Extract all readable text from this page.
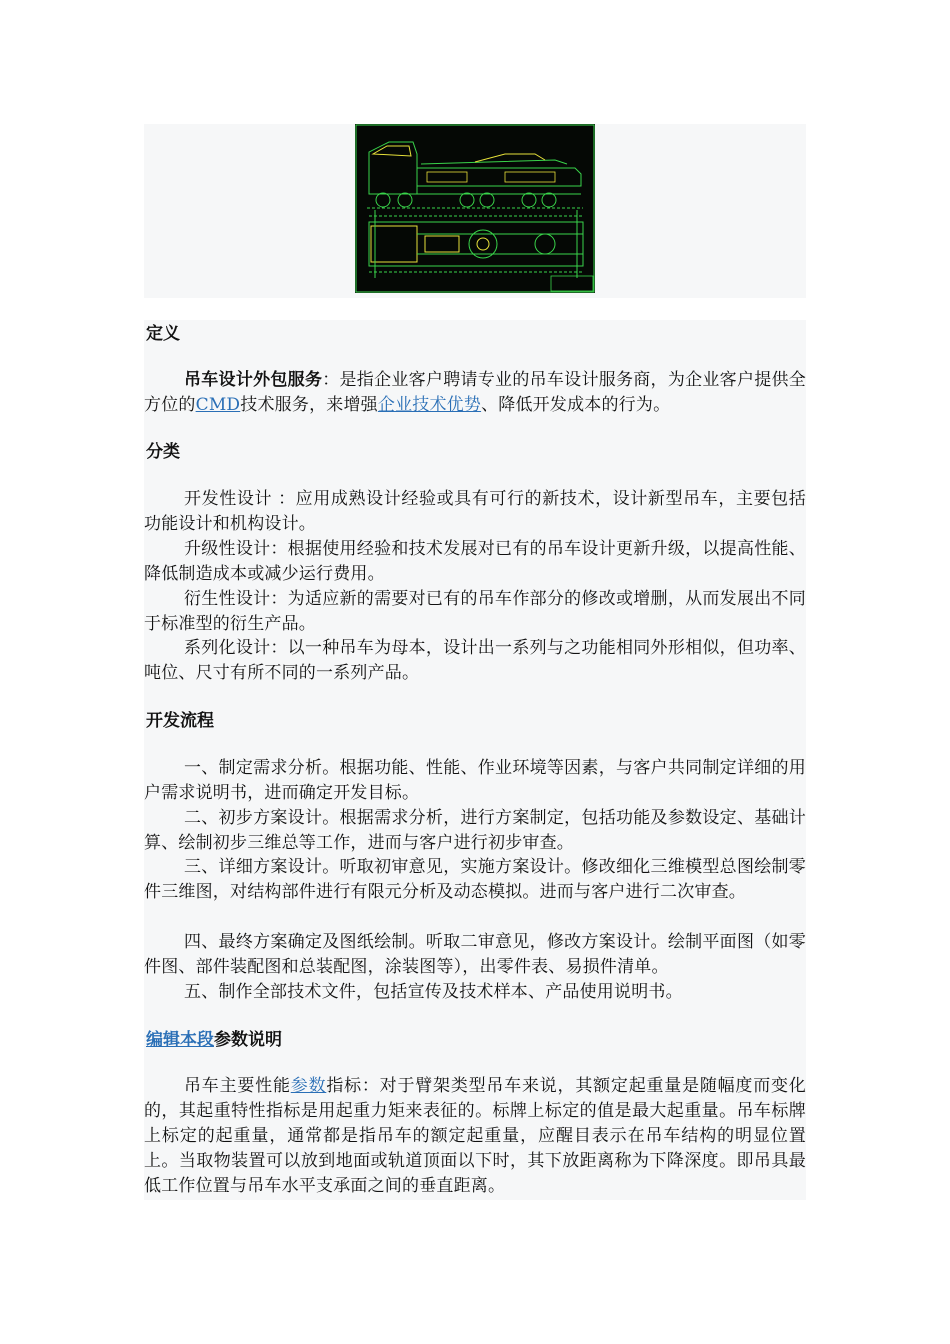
定义

吊车设计外包服务：是指企业客户聘请专业的吊车设计服务商，为企业客户提供全方位的CMD技术服务，来增强企业技术优势、降低开发成本的行为。

分类

开发性设计 ：应用成熟设计经验或具有可行的新技术，设计新型吊车，主要包括功能设计和机构设计。

升级性设计：根据使用经验和技术发展对已有的吊车设计更新升级，以提高性能、降低制造成本或减少运行费用。

衍生性设计：为适应新的需要对已有的吊车作部分的修改或增删，从而发展出不同于标准型的衍生产品。

系列化设计：以一种吊车为母本，设计出一系列与之功能相同外形相似，但功率、吨位、尺寸有所不同的一系列产品。

开发流程

一、制定需求分析。根据功能、性能、作业环境等因素，与客户共同制定详细的用户需求说明书，进而确定开发目标。

二、初步方案设计。根据需求分析，进行方案制定，包括功能及参数设定、基础计算、绘制初步三维总等工作，进而与客户进行初步审查。

三、详细方案设计。听取初审意见，实施方案设计。修改细化三维模型总图绘制零件三维图，对结构部件进行有限元分析及动态模拟。进而与客户进行二次审查。

四、最终方案确定及图纸绘制。听取二审意见，修改方案设计。绘制平面图（如零件图、部件装配图和总装配图，涂装图等），出零件表、易损件清单。

五、制作全部技术文件，包括宣传及技术样本、产品使用说明书。

编辑本段参数说明

吊车主要性能参数指标：对于臂架类型吊车来说，其额定起重量是随幅度而变化的，其起重特性指标是用起重力矩来表征的。标牌上标定的值是最大起重量。吊车标牌上标定的起重量，通常都是指吊车的额定起重量，应醒目表示在吊车结构的明显位置上。当取物装置可以放到地面或轨道顶面以下时，其下放距离称为下降深度。即吊具最低工作位置与吊车水平支承面之间的垂直距离。
